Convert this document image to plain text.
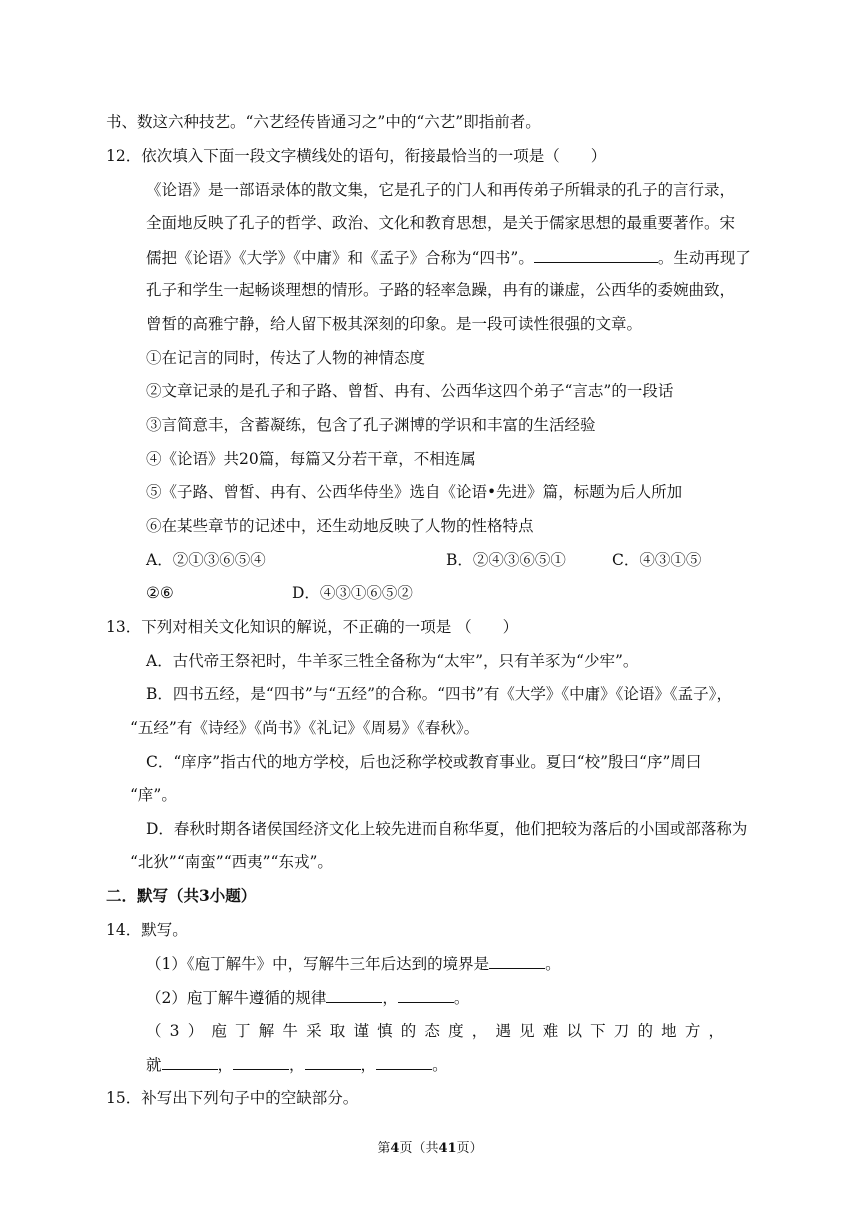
书、数这六种技艺。“六艺经传皆通习之”中的“六艺”即指前者。
12．依次填入下面一段文字横线处的语句，衔接最恰当的一项是（　　）
《论语》是一部语录体的散文集，它是孔子的门人和再传弟子所辑录的孔子的言行录，
全面地反映了孔子的哲学、政治、文化和教育思想，是关于儒家思想的最重要著作。宋
儒把《论语》《大学》《中庸》和《孟子》合称为“四书”。	。生动再现了
孔子和学生一起畅谈理想的情形。子路的轻率急躁，冉有的谦虚，公西华的委婉曲致，
曾皙的高雅宁静，给人留下极其深刻的印象。是一段可读性很强的文章。
①在记言的同时，传达了人物的神情态度
②文章记录的是孔子和子路、曾皙、冉有、公西华这四个弟子“言志”的一段话
③言简意丰，含蓄凝练，包含了孔子渊博的学识和丰富的生活经验
④《论语》共20篇，每篇又分若干章，不相连属
⑤《子路、曾皙、冉有、公西华侍坐》选自《论语•先进》篇，标题为后人所加
⑥在某些章节的记述中，还生动地反映了人物的性格特点
A．②①③⑥⑤④	B．②④③⑥⑤①	C．④③①⑤
②⑥	D．④③①⑥⑤②
13．下列对相关文化知识的解说，不正确的一项是 （　　）
A．古代帝王祭祀时，牛羊豕三牲全备称为“太牢”，只有羊豕为“少牢”。
B．四书五经，是“四书”与“五经”的合称。“四书”有《大学》《中庸》《论语》《孟子》，
“五经”有《诗经》《尚书》《礼记》《周易》《春秋》。
C．“庠序”指古代的地方学校，后也泛称学校或教育事业。夏曰“校”殷曰“序”周曰
“庠”。
D．春秋时期各诸侯国经济文化上较先进而自称华夏，他们把较为落后的小国或部落称为
“北狄”“南蛮”“西夷”“东戎”。
二．默写（共3小题）
14．默写。
（1）《庖丁解牛》中，写解牛三年后达到的境界是	。
（2）庖丁解牛遵循的规律	，	。
（ 3 ） 庖 丁 解 牛 采 取 谨 慎 的 态 度 ， 遇 见 难 以 下 刀 的 地 方 ，
就	，	，	，	。
15．补写出下列句子中的空缺部分。
第4页（共41页）
